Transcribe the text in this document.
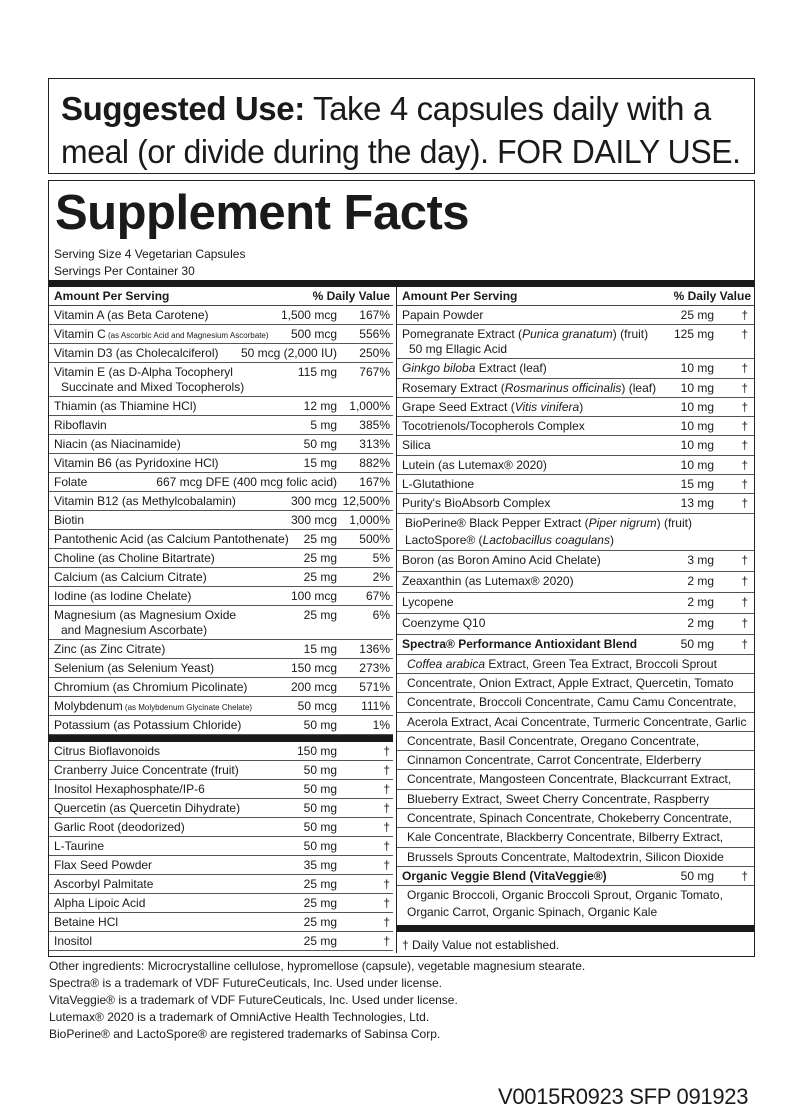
Suggested Use: Take 4 capsules daily with a
meal (or divide during the day). FOR DAILY USE.
Supplement Facts
Serving Size 4 Vegetarian Capsules
Servings Per Container 30
Amount Per Serving	% Daily Value
Vitamin A (as Beta Carotene)	1,500 mcg 167%
Vitamin C (as Ascorbic Acid and Magnesium Ascorbate) 500 mcg 556%
Vitamin D3 (as Cholecalciferol) 50 mcg (2,000 IU) 250%
Vitamin E (as D-Alpha Tocopheryl
Succinate and Mixed Tocopherols)
115 mg 767%
Thiamin (as Thiamine HCl)	12 mg 1,000%
Riboflavin	5 mg 385%
Niacin (as Niacinamide)	50 mg 313%
Vitamin B6 (as Pyridoxine HCl)	15 mg 882%
Folate	667 mcg DFE (400 mcg folic acid) 167%
Vitamin B12 (as Methylcobalamin)	300 mcg 12,500%
Biotin	300 mcg 1,000%
Pantothenic Acid (as Calcium Pantothenate) 25 mg 500%
Choline (as Choline Bitartrate)	25 mg	5%
Calcium (as Calcium Citrate)	25 mg	2%
Iodine (as Iodine Chelate)	100 mcg 67%
Magnesium (as Magnesium Oxide
and Magnesium Ascorbate)
25 mg	6%
Zinc (as Zinc Citrate)	15 mg 136%
Selenium (as Selenium Yeast)	150 mcg 273%
Chromium (as Chromium Picolinate)	200 mcg 571%
Molybdenum (as Molybdenum Glycinate Chelate)	50 mcg 111%
Potassium (as Potassium Chloride)	50 mg	1%
Citrus Bioflavonoids	150 mg	†
Cranberry Juice Concentrate (fruit)	50 mg	†
Inositol Hexaphosphate/IP-6	50 mg	†
Quercetin (as Quercetin Dihydrate)	50 mg	†
Garlic Root (deodorized)	50 mg	†
L-Taurine	50 mg	†
Flax Seed Powder	35 mg	†
Ascorbyl Palmitate	25 mg	†
Alpha Lipoic Acid	25 mg	†
Betaine HCl	25 mg	†
Inositol	25 mg	†
Amount Per Serving	% Daily Value
Papain Powder	25 mg †
Pomegranate Extract (Punica granatum) (fruit)
50 mg Ellagic Acid
125 mg †
Ginkgo biloba Extract (leaf)	10 mg †
Rosemary Extract (Rosmarinus officinalis) (leaf) 10 mg †
Grape Seed Extract (Vitis vinifera)	10 mg †
Tocotrienols/Tocopherols Complex	10 mg †
Silica	10 mg †
Lutein (as Lutemax® 2020)	10 mg †
L-Glutathione	15 mg †
Purity's BioAbsorb Complex	13 mg †
BioPerine® Black Pepper Extract (Piper nigrum) (fruit)
LactoSpore® (Lactobacillus coagulans)
Boron (as Boron Amino Acid Chelate)	3 mg †
Zeaxanthin (as Lutemax® 2020)	2 mg †
Lycopene	2 mg †
Coenzyme Q10	2 mg †
Spectra® Performance Antioxidant Blend	50 mg †
Coffea arabica Extract, Green Tea Extract, Broccoli Sprout
Concentrate, Onion Extract, Apple Extract, Quercetin, Tomato
Concentrate, Broccoli Concentrate, Camu Camu Concentrate,
Acerola Extract, Acai Concentrate, Turmeric Concentrate, Garlic
Concentrate, Basil Concentrate, Oregano Concentrate,
Cinnamon Concentrate, Carrot Concentrate, Elderberry
Concentrate, Mangosteen Concentrate, Blackcurrant Extract,
Blueberry Extract, Sweet Cherry Concentrate, Raspberry
Concentrate, Spinach Concentrate, Chokeberry Concentrate,
Kale Concentrate, Blackberry Concentrate, Bilberry Extract,
Brussels Sprouts Concentrate, Maltodextrin, Silicon Dioxide
Organic Veggie Blend (VitaVeggie®)	50 mg †
Organic Broccoli, Organic Broccoli Sprout, Organic Tomato,
Organic Carrot, Organic Spinach, Organic Kale
† Daily Value not established.
Other ingredients: Microcrystalline cellulose, hypromellose (capsule), vegetable magnesium stearate.
Spectra® is a trademark of VDF FutureCeuticals, Inc. Used under license.
VitaVeggie® is a trademark of VDF FutureCeuticals, Inc. Used under license.
Lutemax® 2020 is a trademark of OmniActive Health Technologies, Ltd.
BioPerine® and LactoSpore® are registered trademarks of Sabinsa Corp.
V0015R0923 SFP 091923
